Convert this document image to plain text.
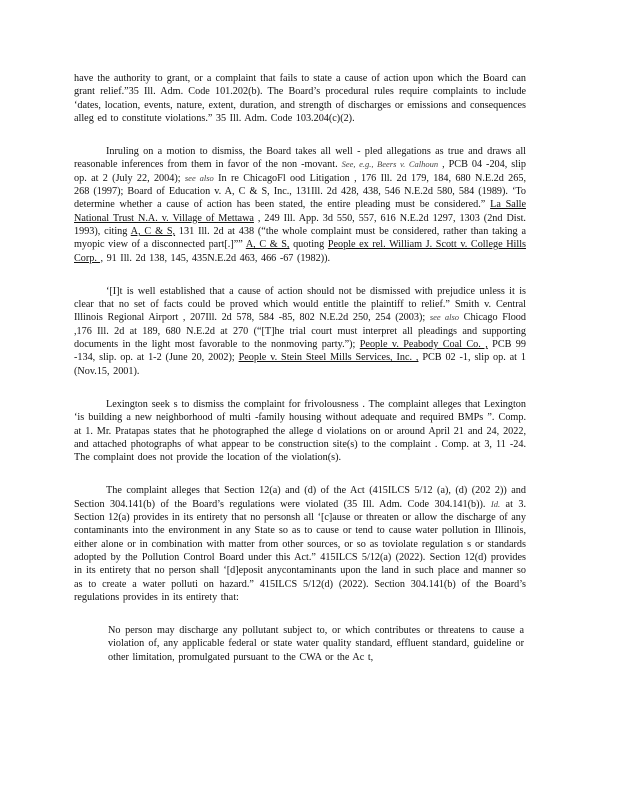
have the authority to grant, or a complaint that fails to state a cause of action upon which the Board can grant relief.”35 Ill. Adm. Code 101.202(b). The Board’s procedural rules require complaints to include ‘dates, location, events, nature, extent, duration, and strength of discharges or emissions and consequences alleg ed to constitute violations.” 35 Ill. Adm. Code 103.204(c)(2).

Inruling on a motion to dismiss, the Board takes all well - pled allegations as true and draws all reasonable inferences from them in favor of the non -movant. See, e.g., Beers v. Calhoun , PCB 04 -204, slip op. at 2 (July 22, 2004); see also In re ChicagoFl ood Litigation , 176 Ill. 2d 179, 184, 680 N.E.2d 265, 268 (1997); Board of Education v. A, C & S, Inc., 131Ill. 2d 428, 438, 546 N.E.2d 580, 584 (1989). ‘To determine whether a cause of action has been stated, the entire pleading must be considered.” La Salle National Trust N.A. v. Village of Mettawa , 249 Ill. App. 3d 550, 557, 616 N.E.2d 1297, 1303 (2nd Dist. 1993), citing A, C & S, 131 Ill. 2d at 438 (“the whole complaint must be considered, rather than taking a myopic view of a disconnected part[.]”” A, C & S, quoting People ex rel. William J. Scott v. College Hills Corp. , 91 Ill. 2d 138, 145, 435N.E.2d 463, 466 -67 (1982)).

‘[I]t is well established that a cause of action should not be dismissed with prejudice unless it is clear that no set of facts could be proved which would entitle the plaintiff to relief.” Smith v. Central Illinois Regional Airport , 207Ill. 2d 578, 584 -85, 802 N.E.2d 250, 254 (2003); see also Chicago Flood ,176 Ill. 2d at 189, 680 N.E.2d at 270 (“[T]he trial court must interpret all pleadings and supporting documents in the light most favorable to the nonmoving party.”); People v. Peabody Coal Co. , PCB 99 -134, slip. op. at 1-2 (June 20, 2002); People v. Stein Steel Mills Services, Inc. , PCB 02 -1, slip op. at 1 (Nov.15, 2001).

Lexington seek s to dismiss the complaint for frivolousness . The complaint alleges that Lexington ‘is building a new neighborhood of multi -family housing without adequate and required BMPs ”. Comp. at 1. Mr. Pratapas states that he photographed the allege d violations on or around April 21 and 24, 2022, and attached photographs of what appear to be construction site(s) to the complaint . Comp. at 3, 11 -24. The complaint does not provide the location of the violation(s).

The complaint alleges that Section 12(a) and (d) of the Act (415ILCS 5/12 (a), (d) (202 2)) and Section 304.141(b) of the Board’s regulations were violated (35 Ill. Adm. Code 304.141(b)). Id. at 3. Section 12(a) provides in its entirety that no personsh all ‘[c]ause or threaten or allow the discharge of any contaminants into the environment in any State so as to cause or tend to cause water pollution in Illinois, either alone or in combination with matter from other sources, or so as toviolate regulation s or standards adopted by the Pollution Control Board under this Act.” 415ILCS 5/12(a) (2022). Section 12(d) provides in its entirety that no person shall ‘[d]eposit anycontaminants upon the land in such place and manner so as to create a water polluti on hazard.” 415ILCS 5/12(d) (2022). Section 304.141(b) of the Board’s regulations provides in its entirety that:

No person may discharge any pollutant subject to, or which contributes or threatens to cause a violation of, any applicable federal or state water quality standard, effluent standard, guideline or other limitation, promulgated pursuant to the CWA or the Ac t,
